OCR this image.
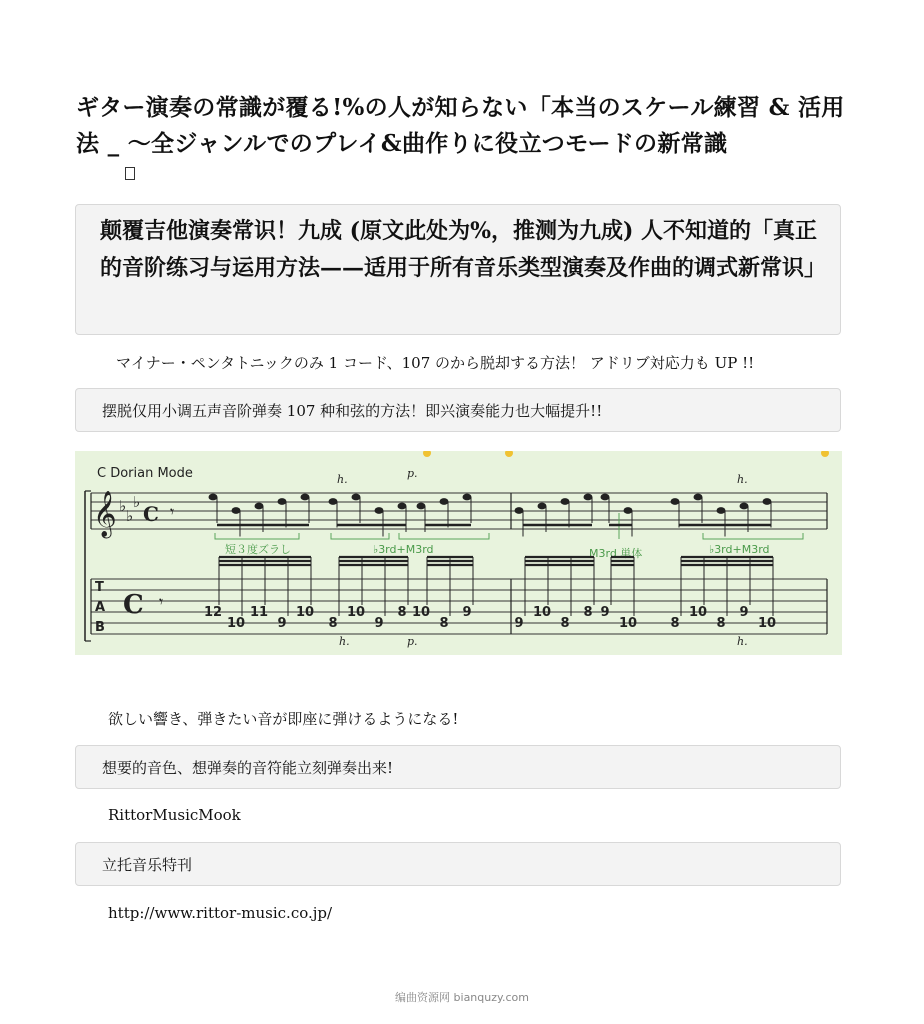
ギター演奏の常識が覆る!%の人が知らない「本当のスケール練習 & 活用法 _ 〜全ジャンルでのプレイ&曲作りに役立つモードの新常識
颠覆吉他演奏常识！九成 (原文此处为%，推测为九成) 人不知道的「真正的音阶练习与运用方法——适用于所有音乐类型演奏及作曲的调式新常识」
マイナー・ペンタトニックのみ 1 コード、107 のから脱却する方法！ アドリブ対応力も UP !!
摆脱仅用小调五声音阶弹奏 107 种和弦的方法！即兴演奏能力也大幅提升!!
C Dorian Mode
𝄞 ♭
♭
♭ C 𝄾
T
A
B
C 𝄾
短３度ズラし	♭3rd+M3rd	M3rd 単体	♭3rd+M3rd
h.	p.	h.
h.	p.	h.
12
10
11
9
10
8
10
9
8 10
8
9
9
10
8
8 9
10	8
10
8
9
10
欲しい響き、弾きたい音が即座に弾けるようになる!
想要的音色、想弹奏的音符能立刻弹奏出来!
RittorMusicMook
立托音乐特刊
http://www.rittor-music.co.jp/
编曲资源网 bianquzy.com
